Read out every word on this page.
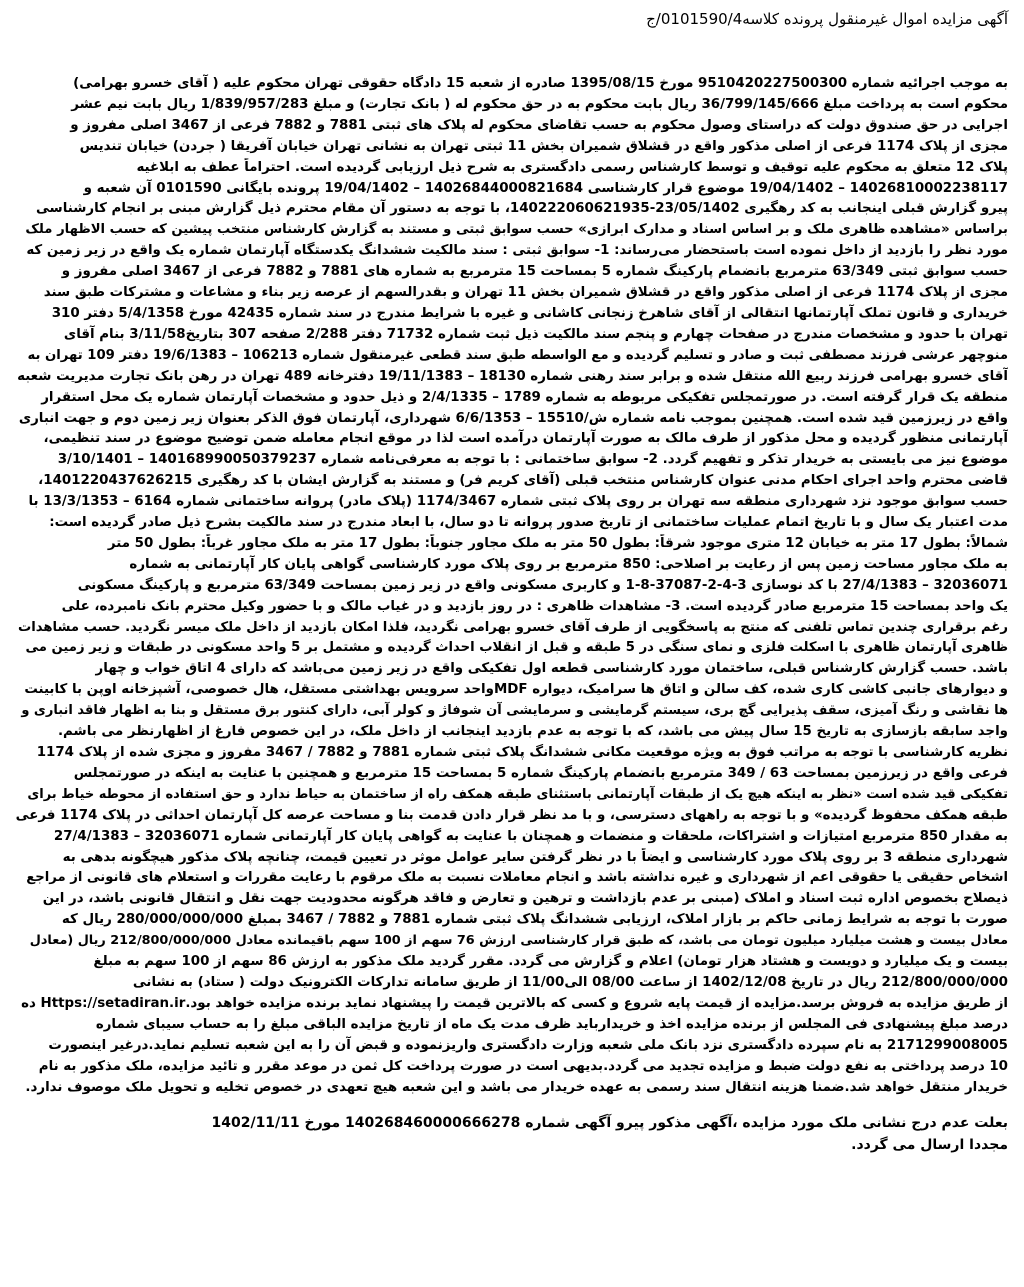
آگهی مزایده اموال غیرمنقول پرونده کلاسه0101590/4/ج
به موجب اجرائیه شماره 9510420227500300 مورخ 1395/08/15 صادره از شعبه 15 دادگاه حقوقی تهران محکوم علیه ( آقای خسرو بهرامی)
محکوم است به پرداخت مبلغ 36/799/145/666 ریال بابت محکوم به در حق محکوم له ( بانک تجارت) و مبلغ 1/839/957/283 ریال بابت نیم عشر
اجرایی در حق صندوق دولت که دراستای وصول محکوم به حسب تقاضای محکوم له پلاک های ثبتی 7881 و 7882 فرعی از 3467 اصلی مفروز و
مجزی از پلاک 1174 فرعی از اصلی مذکور واقع در قشلاق شمیران بخش 11 ثبتی تهران به نشانی تهران خیابان آفریقا ( جردن) خیابان تندیس
پلاک 12 متعلق به محکوم علیه توقیف و توسط کارشناس رسمی دادگستری به شرح ذیل ارزیابی گردیده است. احتراماً عطف به ابلاغیه
14026810002238117 – 19/04/1402 موضوع قرار کارشناسی 14026844000821684 – 19/04/1402 پرونده بایگانی 0101590 آن شعبه و
پیرو گزارش قبلی اینجانب به کد رهگیری 23/05/1402-140222060621935، با توجه به دستور آن مقام محترم ذیل گزارش مبنی بر انجام کارشناسی
براساس «مشاهده ظاهری ملک و بر اساس اسناد و مدارک ابرازی» حسب سوابق ثبتی و مستند به گزارش کارشناس منتخب پیشین که حسب الاظهار ملک
مورد نظر را بازدید از داخل نموده است باستحضار می‌رساند: 1- سوابق ثبتی : سند مالکیت ششدانگ یکدستگاه آپارتمان شماره یک واقع در زیر زمین که
حسب سوابق ثبتی 63/349 مترمربع بانضمام پارکینگ شماره 5 بمساحت 15 مترمربع به شماره های 7881 و 7882 فرعی از 3467 اصلی مفروز و
مجزی از پلاک 1174 فرعی از اصلی مذکور واقع در قشلاق شمیران بخش 11 تهران و بقدرالسهم از عرصه زیر بناء و مشاعات و مشترکات طبق سند
خریداری و قانون تملک آپارتمانها انتقالی از آقای شاهرخ زنجانی کاشانی و غیره با شرایط مندرج در سند شماره 42435 مورخ 5/4/1358 دفتر 310
تهران با حدود و مشخصات مندرج در صفحات چهارم و پنجم سند مالکیت ذیل ثبت شماره 71732 دفتر 2/288 صفحه 307 بتاریخ3/11/58 بنام آقای
منوچهر عرشی فرزند مصطفی ثبت و صادر و تسلیم گردیده و مع الواسطه طبق سند قطعی غیرمنقول شماره 106213 – 19/6/1383 دفتر 109 تهران به
آقای خسرو بهرامی فرزند ربیع الله منتقل شده و برابر سند رهنی شماره 18130 – 19/11/1383 دفترخانه 489 تهران در رهن بانک تجارت مدیریت شعبه
منطقه یک قرار گرفته است. در صورتمجلس تفکیکی مربوطه به شماره 1789 – 2/4/1335 و ذیل حدود و مشخصات آپارتمان شماره یک محل استقرار
واقع در زیرزمین قید شده است. همچنین بموجب نامه شماره ش/15510 – 6/6/1353 شهرداری، آپارتمان فوق الذکر بعنوان زیر زمین دوم و جهت انباری
آپارتمانی منظور گردیده و محل مذکور از طرف مالک به صورت آپارتمان درآمده است لذا در موقع انجام معامله ضمن توضیح موضوع در سند تنظیمی،
موضوع نیز می بایستی به خریدار تذکر و تفهیم گردد. 2- سوابق ساختمانی : با توجه به معرفی‌نامه شماره 140168990050379237 – 3/10/1401
قاضی محترم واحد اجرای احکام مدنی عنوان کارشناس منتخب قبلی (آقای کریم فر) و مستند به گزارش ایشان با کد رهگیری 140122043762621‌5،
حسب سوابق موجود نزد شهرداری منطقه سه تهران بر روی پلاک ثبتی شماره 1174/3467 (پلاک مادر) پروانه ساختمانی شماره 6164 – 13/3/1353 با
مدت اعتبار یک سال و با تاریخ اتمام عملیات ساختمانی از تاریخ صدور پروانه تا دو سال، با ابعاد مندرج در سند مالکیت بشرح ذیل صادر گردیده است:
شمالاً: بطول 17 متر به خیابان 12 متری موجود شرقاً: بطول 50 متر به ملک مجاور جنوباً: بطول 17 متر به ملک مجاور غرباً: بطول 50 متر
به ملک مجاور مساحت زمین پس از رعایت بر اصلاحی: 850 مترمربع بر روی پلاک مورد کارشناسی گواهی پایان کار آپارتمانی به شماره
32036071 – 27/4/1383 با کد نوسازی 3-4-2-37087-8-1 و کاربری مسکونی واقع در زیر زمین بمساحت 63/349 مترمربع و پارکینگ مسکونی
یک واحد بمساحت 15 مترمربع صادر گردیده است. 3- مشاهدات ظاهری : در روز بازدید و در غیاب مالک و با حضور وکیل محترم بانک نامبرده، علی
رغم برقراری چندین تماس تلفنی که منتج به پاسخگویی از طرف آقای خسرو بهرامی نگردید، فلذا امکان بازدید از داخل ملک میسر نگردید. حسب مشاهدات
ظاهری آپارتمان ظاهری با اسکلت فلزی و نمای سنگی در 5 طبقه و قبل از انقلاب احداث گردیده و مشتمل بر 5 واحد مسکونی در طبقات و زیر زمین می
باشد. حسب گزارش کارشناس قبلی، ساختمان مورد کارشناسی قطعه اول تفکیکی واقع در زیر زمین می‌باشد که دارای 4 اتاق خواب و چهار
و دیوارهای جانبی کاشی کاری شده، کف سالن و اتاق ها سرامیک، دیواره MDFواحد سرویس بهداشتی مستقل، هال خصوصی، آشپزخانه اوپن با کابینت
ها نقاشی و رنگ آمیزی، سقف پذیرایی گچ بری، سیستم گرمایشی و سرمایشی آن شوفاژ و کولر آبی، دارای کنتور برق مستقل و بنا به اظهار فاقد انباری و
واجد سابقه بازسازی به تاریخ 15 سال پیش می باشد، که با توجه به عدم بازدید اینجانب از داخل ملک، در این خصوص فارغ از اظهارنظر می باشم.
نظریه کارشناسی با توجه به مراتب فوق به ویژه موقعیت مکانی ششدانگ پلاک ثبتی شماره 7881 و 7882 / 3467 مفروز و مجزی شده از پلاک 1174
فرعی واقع در زیرزمین بمساحت 63 / 349 مترمربع بانضمام پارکینگ شماره 5 بمساحت 15 مترمربع و همچنین با عنایت به اینکه در صورتمجلس
تفکیکی قید شده است «نظر به اینکه هیچ یک از طبقات آپارتمانی باستثنای طبقه همکف راه از ساختمان به حیاط ندارد و حق استفاده از محوطه خیاط برای
طبقه همکف محفوظ گردیده» و با توجه به راههای دسترسی، و با مد نظر قرار دادن قدمت بنا و مساحت عرصه کل آپارتمان احداثی در پلاک 1174 فرعی
به مقدار 850 مترمربع امتیازات و اشتراکات، ملحقات و منضمات و همچنان با عنایت به گواهی پایان کار آپارتمانی شماره 32036071 – 27/4/1383
شهرداری منطقه 3 بر روی پلاک مورد کارشناسی و ایضاً با در نظر گرفتن سایر عوامل موثر در تعیین قیمت، چنانچه پلاک مذکور هیچگونه بدهی به
اشخاص حقیقی یا حقوقی اعم از شهرداری و غیره نداشته باشد و انجام معاملات نسبت به ملک مرقوم با رعایت مقررات و استعلام های قانونی از مراجع
ذیصلاح بخصوص اداره ثبت اسناد و املاک (مبنی بر عدم بازداشت و ترهین و تعارض و فاقد هرگونه محدودیت جهت نقل و انتقال قانونی باشد، در این
صورت با توجه به شرایط زمانی حاکم بر بازار املاک، ارزیابی ششدانگ پلاک ثبتی شماره 7881 و 7882 / 3467 بمبلغ 280/000/000/000 ریال که
معادل بیست و هشت میلیارد میلیون تومان می باشد، که طبق قرار کارشناسی ارزش 76 سهم از 100 سهم باقیمانده معادل 212/800/000/000 ریال (معادل
بیست و یک میلیارد و دویست و هشتاد هزار تومان) اعلام و گزارش می گردد. مقرر گردید ملک مذکور به ارزش 86 سهم از 100 سهم به مبلغ
212/800/000/000 ریال در تاریخ 1402/12/08 از ساعت 08/00 الی11/00 از طریق سامانه تدارکات الکترونیک دولت ( ستاد) به نشانی
از طریق مزایده به فروش برسد.مزایده از قیمت پایه شروع و کسی که بالاترین قیمت را پیشنهاد نماید برنده مزایده خواهد بود.Https://setadiran.ir ده
درصد مبلغ پیشنهادی فی المجلس از برنده مزایده اخذ و خریدارباید ظرف مدت یک ماه از تاریخ مزایده الباقی مبلغ را به حساب سیبای شماره
2171299008005 به نام سپرده دادگستری نزد بانک ملی شعبه وزارت دادگستری واریزنموده و قبض آن را به این شعبه تسلیم نماید.درغیر اینصورت
10 درصد پرداختی به نفع دولت ضبط و مزایده تجدید می گردد.بدیهی است در صورت پرداخت کل ثمن در موعد مقرر و تائید مزایده، ملک مذکور به نام
خریدار منتقل خواهد شد.ضمنا هزینه انتقال سند رسمی به عهده خریدار می باشد و این شعبه هیچ تعهدی در خصوص تخلیه و تحویل ملک موصوف ندارد.
بعلت عدم درج نشانی ملک مورد مزایده ،آگهی مذکور پیرو آگهی شماره 140268460000666278 مورخ 1402/11/11
مجددا ارسال می گردد.
